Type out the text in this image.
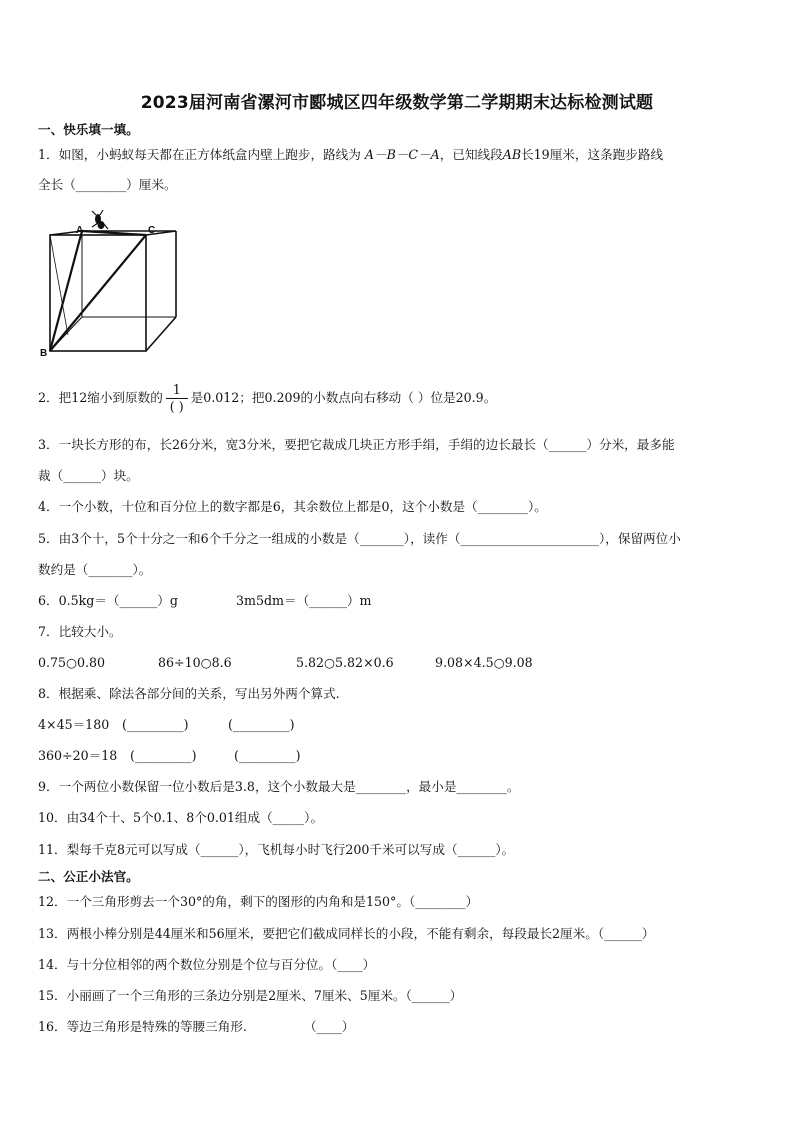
2023届河南省漯河市郾城区四年级数学第二学期期末达标检测试题
一、快乐填一填。
1．如图，小蚂蚁每天都在正方体纸盒内壁上跑步，路线为 A－B－C－A，已知线段AB长19厘米，这条跑步路线
全长（________）厘米。
A
B
C
2．把12缩小到原数的 $\frac{1}{( )}$ 是0.012；把0.209的小数点向右移动（ ）位是20.9。
3．一块长方形的布，长26分米，宽3分米，要把它裁成几块正方形手绢，手绢的边长最长（______）分米，最多能
裁（______）块。
4．一个小数，十位和百分位上的数字都是6，其余数位上都是0，这个小数是（________）。
5．由3个十，5个十分之一和6个千分之一组成的小数是（_______），读作（______________________），保留两位小
数约是（_______）。
6．0.5kg＝（______）g	3m5dm＝（______）m
7．比较大小。
0.75○0.80	86÷10○8.6	5.82○5.82×0.6	9.08×4.5○9.08
8．根据乘、除法各部分间的关系，写出另外两个算式.
4×45＝180 (_________)	(_________)
360÷20＝18 (_________)	(_________)
9．一个两位小数保留一位小数后是3.8，这个小数最大是________，最小是________。
10．由34个十、5个0.1、8个0.01组成（_____）。
11．梨每千克8元可以写成（______），飞机每小时飞行200千米可以写成（______）。
二、公正小法官。
12．一个三角形剪去一个30°的角，剩下的图形的内角和是150°。（________）
13．两根小棒分别是44厘米和56厘米，要把它们截成同样长的小段，不能有剩余，每段最长2厘米。（______）
14．与十分位相邻的两个数位分别是个位与百分位。（____）
15．小丽画了一个三角形的三条边分别是2厘米、7厘米、5厘米。（______）
16．等边三角形是特殊的等腰三角形.	（____）
